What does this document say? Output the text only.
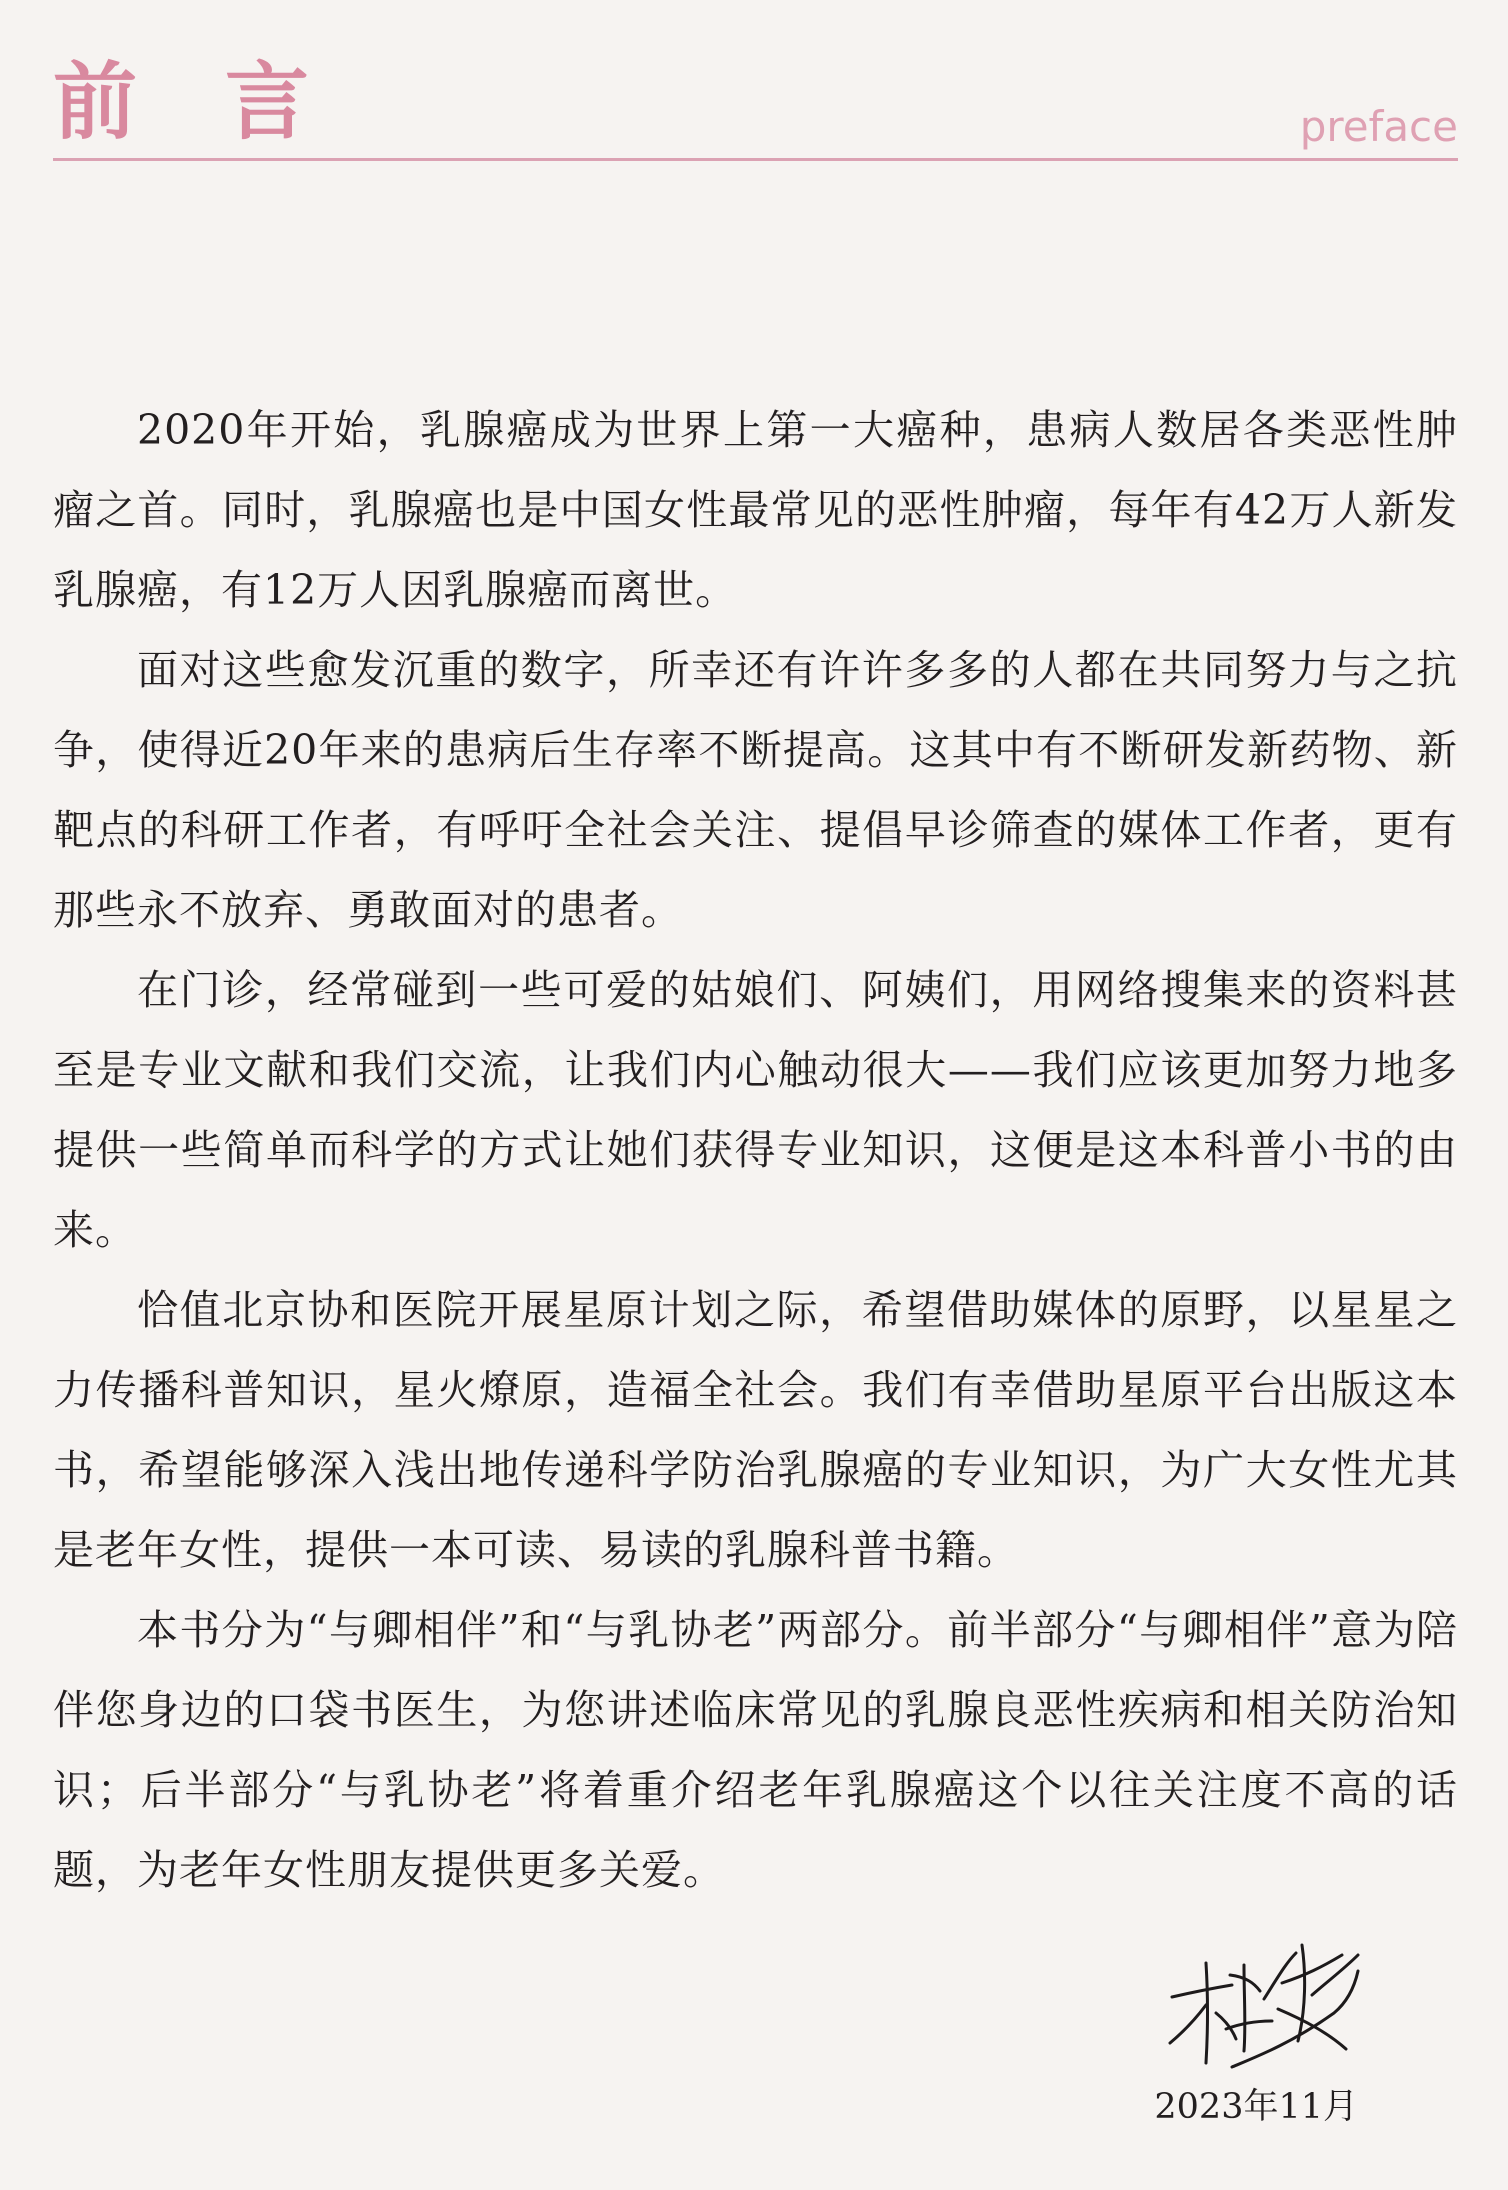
前言	preface

2020年开始，乳腺癌成为世界上第一大癌种，患病人数居各类恶性肿瘤之首。同时，乳腺癌也是中国女性最常见的恶性肿瘤，每年有42万人新发乳腺癌，有12万人因乳腺癌而离世。

面对这些愈发沉重的数字，所幸还有许许多多的人都在共同努力与之抗争，使得近20年来的患病后生存率不断提高。这其中有不断研发新药物、新靶点的科研工作者，有呼吁全社会关注、提倡早诊筛查的媒体工作者，更有那些永不放弃、勇敢面对的患者。

在门诊，经常碰到一些可爱的姑娘们、阿姨们，用网络搜集来的资料甚至是专业文献和我们交流，让我们内心触动很大——我们应该更加努力地多提供一些简单而科学的方式让她们获得专业知识，这便是这本科普小书的由来。

恰值北京协和医院开展星原计划之际，希望借助媒体的原野，以星星之力传播科普知识，星火燎原，造福全社会。我们有幸借助星原平台出版这本书，希望能够深入浅出地传递科学防治乳腺癌的专业知识，为广大女性尤其是老年女性，提供一本可读、易读的乳腺科普书籍。

本书分为“与卿相伴”和“与乳协老”两部分。前半部分“与卿相伴”意为陪伴您身边的口袋书医生，为您讲述临床常见的乳腺良恶性疾病和相关防治知识；后半部分“与乳协老”将着重介绍老年乳腺癌这个以往关注度不高的话题，为老年女性朋友提供更多关爱。

2023年11月
